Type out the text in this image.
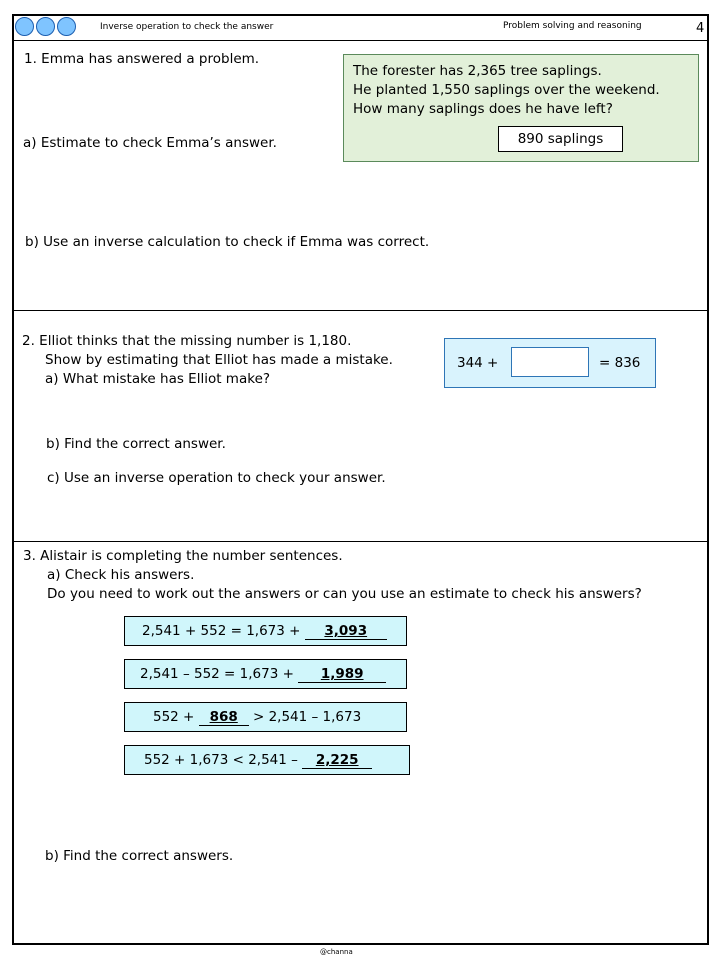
Inverse operation to check the answer	Problem solving and reasoning	4
1. Emma has answered a problem.
a) Estimate to check Emma’s answer.
b) Use an inverse calculation to check if Emma was correct.
The forester has 2,365 tree saplings.
He planted 1,550 saplings over the weekend.
How many saplings does he have left?
890 saplings
2. Elliot thinks that the missing number is 1,180.
Show by estimating that Elliot has made a mistake.
a) What mistake has Elliot make?
b) Find the correct answer.
c) Use an inverse operation to check your answer.
344 +	= 836
3. Alistair is completing the number sentences.
a) Check his answers.
Do you need to work out the answers or can you use an estimate to check his answers?
2,541 + 552 = 1,673 + 3,093
2,541 – 552 = 1,673 + 1,989
552 + 868 > 2,541 – 1,673
552 + 1,673 < 2,541 – 2,225
b) Find the correct answers.
@channa
